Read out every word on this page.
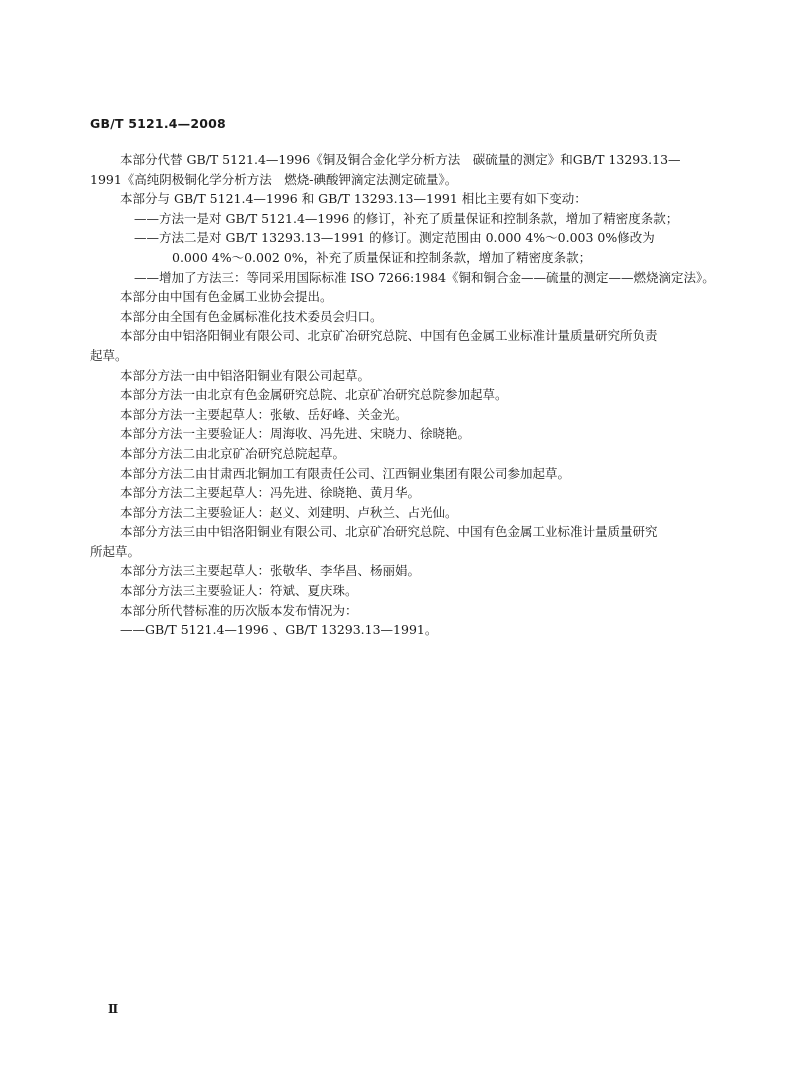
GB/T 5121.4—2008

本部分代替 GB/T 5121.4—1996《铜及铜合金化学分析方法　碳硫量的测定》和GB/T 13293.13—

1991《高纯阴极铜化学分析方法　燃烧-碘酸钾滴定法测定硫量》。

本部分与 GB/T 5121.4—1996 和 GB/T 13293.13—1991 相比主要有如下变动：

——方法一是对 GB/T 5121.4—1996 的修订，补充了质量保证和控制条款，增加了精密度条款；

——方法二是对 GB/T 13293.13—1991 的修订。测定范围由 0.000 4%～0.003 0%修改为

0.000 4%～0.002 0%，补充了质量保证和控制条款，增加了精密度条款；

——增加了方法三：等同采用国际标准 ISO 7266:1984《铜和铜合金——硫量的测定——燃烧滴定法》。

本部分由中国有色金属工业协会提出。

本部分由全国有色金属标准化技术委员会归口。

本部分由中铝洛阳铜业有限公司、北京矿冶研究总院、中国有色金属工业标准计量质量研究所负责

起草。

本部分方法一由中铝洛阳铜业有限公司起草。

本部分方法一由北京有色金属研究总院、北京矿冶研究总院参加起草。

本部分方法一主要起草人：张敏、岳好峰、关金光。

本部分方法一主要验证人：周海收、冯先进、宋晓力、徐晓艳。

本部分方法二由北京矿冶研究总院起草。

本部分方法二由甘肃西北铜加工有限责任公司、江西铜业集团有限公司参加起草。

本部分方法二主要起草人：冯先进、徐晓艳、黄月华。

本部分方法二主要验证人：赵义、刘建明、卢秋兰、占光仙。

本部分方法三由中铝洛阳铜业有限公司、北京矿冶研究总院、中国有色金属工业标准计量质量研究

所起草。

本部分方法三主要起草人：张敬华、李华昌、杨丽娟。

本部分方法三主要验证人：符斌、夏庆珠。

本部分所代替标准的历次版本发布情况为：

——GB/T 5121.4—1996 、GB/T 13293.13—1991。

Ⅱ
